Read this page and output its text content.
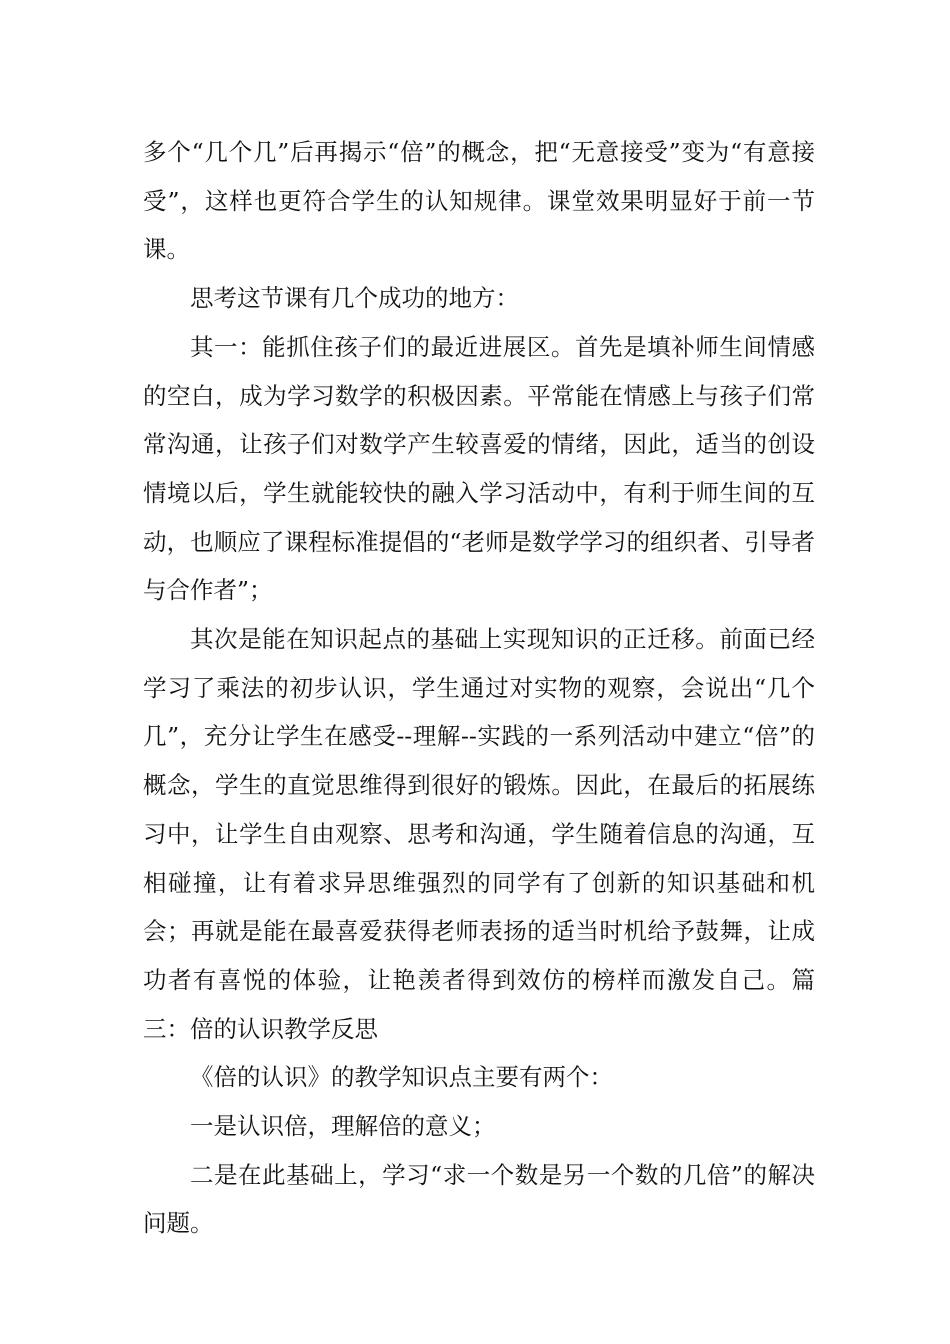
多个“几个几”后再揭示“倍”的概念，把“无意接受”变为“有意接受”，这样也更符合学生的认知规律。课堂效果明显好于前一节课。

思考这节课有几个成功的地方：

其一：能抓住孩子们的最近进展区。首先是填补师生间情感的空白，成为学习数学的积极因素。平常能在情感上与孩子们常常沟通，让孩子们对数学产生较喜爱的情绪，因此，适当的创设情境以后，学生就能较快的融入学习活动中，有利于师生间的互动，也顺应了课程标准提倡的“老师是数学学习的组织者、引导者与合作者”；

其次是能在知识起点的基础上实现知识的正迁移。前面已经学习了乘法的初步认识，学生通过对实物的观察，会说出“几个几”，充分让学生在感受--理解--实践的一系列活动中建立“倍”的概念，学生的直觉思维得到很好的锻炼。因此，在最后的拓展练习中，让学生自由观察、思考和沟通，学生随着信息的沟通，互相碰撞，让有着求异思维强烈的同学有了创新的知识基础和机会；再就是能在最喜爱获得老师表扬的适当时机给予鼓舞，让成功者有喜悦的体验，让艳羡者得到效仿的榜样而激发自己。篇三：倍的认识教学反思

《倍的认识》的教学知识点主要有两个：

一是认识倍，理解倍的意义；

二是在此基础上，学习“求一个数是另一个数的几倍”的解决问题。
